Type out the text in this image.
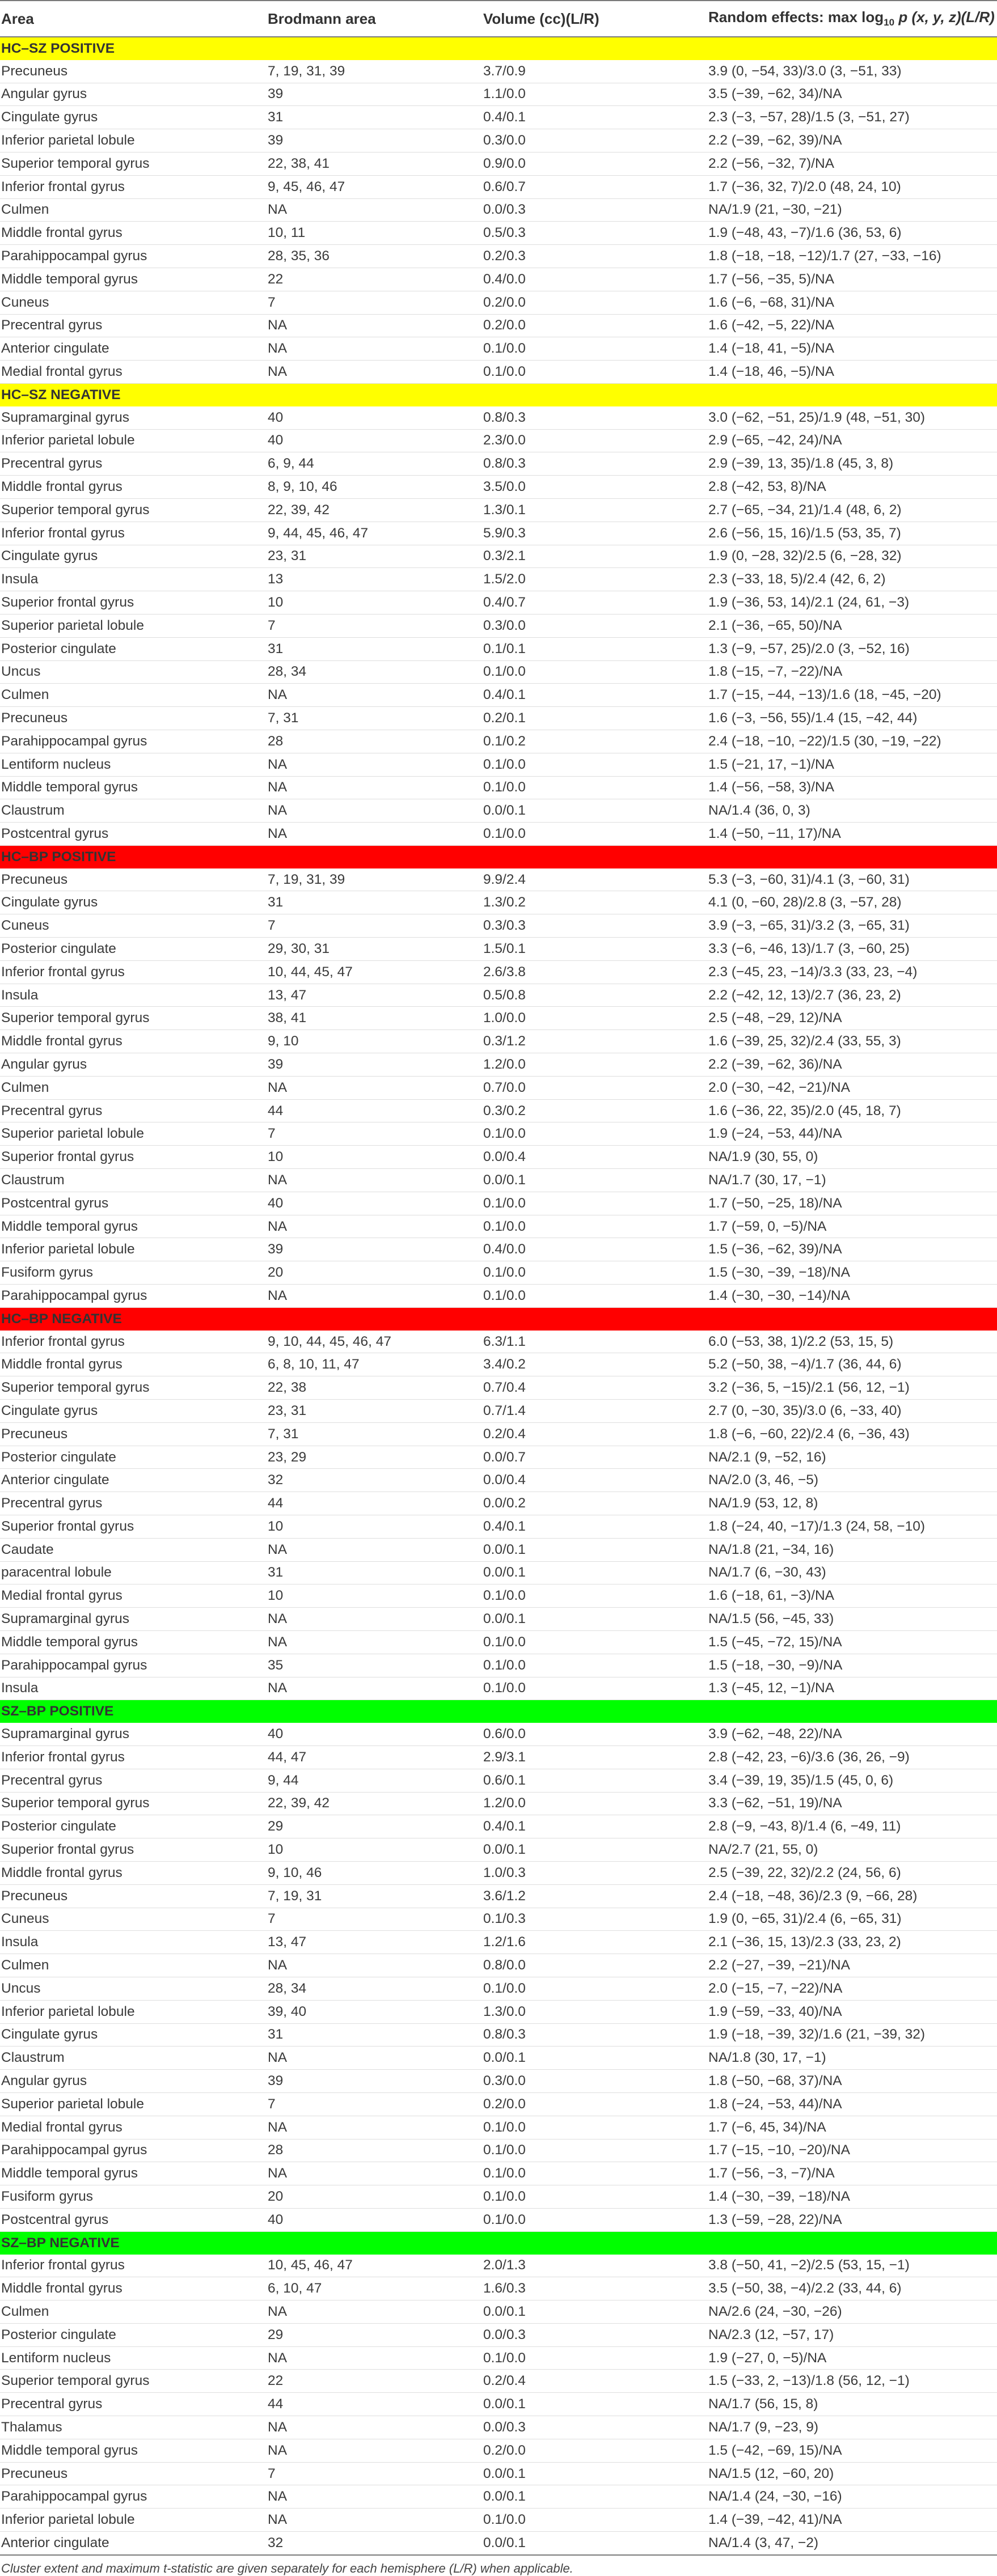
Area	Brodmann area	Volume (cc)(L/R)	Random effects: $\max \log_{10} p$ (x, y, z)(L/R)
HC–SZ POSITIVE			
Precuneus	7, 19, 31, 39	3.7/0.9	3.9 (0, −54, 33)/3.0 (3, −51, 33)
Angular gyrus	39	1.1/0.0	3.5 (−39, −62, 34)/NA
Cingulate gyrus	31	0.4/0.1	2.3 (−3, −57, 28)/1.5 (3, −51, 27)
Inferior parietal lobule	39	0.3/0.0	2.2 (−39, −62, 39)/NA
Superior temporal gyrus	22, 38, 41	0.9/0.0	2.2 (−56, −32, 7)/NA
Inferior frontal gyrus	9, 45, 46, 47	0.6/0.7	1.7 (−36, 32, 7)/2.0 (48, 24, 10)
Culmen	NA	0.0/0.3	NA/1.9 (21, −30, −21)
Middle frontal gyrus	10, 11	0.5/0.3	1.9 (−48, 43, −7)/1.6 (36, 53, 6)
Parahippocampal gyrus	28, 35, 36	0.2/0.3	1.8 (−18, −18, −12)/1.7 (27, −33, −16)
Middle temporal gyrus	22	0.4/0.0	1.7 (−56, −35, 5)/NA
Cuneus	7	0.2/0.0	1.6 (−6, −68, 31)/NA
Precentral gyrus	NA	0.2/0.0	1.6 (−42, −5, 22)/NA
Anterior cingulate	NA	0.1/0.0	1.4 (−18, 41, −5)/NA
Medial frontal gyrus	NA	0.1/0.0	1.4 (−18, 46, −5)/NA
HC–SZ NEGATIVE			
Supramarginal gyrus	40	0.8/0.3	3.0 (−62, −51, 25)/1.9 (48, −51, 30)
Inferior parietal lobule	40	2.3/0.0	2.9 (−65, −42, 24)/NA
Precentral gyrus	6, 9, 44	0.8/0.3	2.9 (−39, 13, 35)/1.8 (45, 3, 8)
Middle frontal gyrus	8, 9, 10, 46	3.5/0.0	2.8 (−42, 53, 8)/NA
Superior temporal gyrus	22, 39, 42	1.3/0.1	2.7 (−65, −34, 21)/1.4 (48, 6, 2)
Inferior frontal gyrus	9, 44, 45, 46, 47	5.9/0.3	2.6 (−56, 15, 16)/1.5 (53, 35, 7)
Cingulate gyrus	23, 31	0.3/2.1	1.9 (0, −28, 32)/2.5 (6, −28, 32)
Insula	13	1.5/2.0	2.3 (−33, 18, 5)/2.4 (42, 6, 2)
Superior frontal gyrus	10	0.4/0.7	1.9 (−36, 53, 14)/2.1 (24, 61, −3)
Superior parietal lobule	7	0.3/0.0	2.1 (−36, −65, 50)/NA
Posterior cingulate	31	0.1/0.1	1.3 (−9, −57, 25)/2.0 (3, −52, 16)
Uncus	28, 34	0.1/0.0	1.8 (−15, −7, −22)/NA
Culmen	NA	0.4/0.1	1.7 (−15, −44, −13)/1.6 (18, −45, −20)
Precuneus	7, 31	0.2/0.1	1.6 (−3, −56, 55)/1.4 (15, −42, 44)
Parahippocampal gyrus	28	0.1/0.2	2.4 (−18, −10, −22)/1.5 (30, −19, −22)
Lentiform nucleus	NA	0.1/0.0	1.5 (−21, 17, −1)/NA
Middle temporal gyrus	NA	0.1/0.0	1.4 (−56, −58, 3)/NA
Claustrum	NA	0.0/0.1	NA/1.4 (36, 0, 3)
Postcentral gyrus	NA	0.1/0.0	1.4 (−50, −11, 17)/NA
HC–BP POSITIVE			
Precuneus	7, 19, 31, 39	9.9/2.4	5.3 (−3, −60, 31)/4.1 (3, −60, 31)
Cingulate gyrus	31	1.3/0.2	4.1 (0, −60, 28)/2.8 (3, −57, 28)
Cuneus	7	0.3/0.3	3.9 (−3, −65, 31)/3.2 (3, −65, 31)
Posterior cingulate	29, 30, 31	1.5/0.1	3.3 (−6, −46, 13)/1.7 (3, −60, 25)
Inferior frontal gyrus	10, 44, 45, 47	2.6/3.8	2.3 (−45, 23, −14)/3.3 (33, 23, −4)
Insula	13, 47	0.5/0.8	2.2 (−42, 12, 13)/2.7 (36, 23, 2)
Superior temporal gyrus	38, 41	1.0/0.0	2.5 (−48, −29, 12)/NA
Middle frontal gyrus	9, 10	0.3/1.2	1.6 (−39, 25, 32)/2.4 (33, 55, 3)
Angular gyrus	39	1.2/0.0	2.2 (−39, −62, 36)/NA
Culmen	NA	0.7/0.0	2.0 (−30, −42, −21)/NA
Precentral gyrus	44	0.3/0.2	1.6 (−36, 22, 35)/2.0 (45, 18, 7)
Superior parietal lobule	7	0.1/0.0	1.9 (−24, −53, 44)/NA
Superior frontal gyrus	10	0.0/0.4	NA/1.9 (30, 55, 0)
Claustrum	NA	0.0/0.1	NA/1.7 (30, 17, −1)
Postcentral gyrus	40	0.1/0.0	1.7 (−50, −25, 18)/NA
Middle temporal gyrus	NA	0.1/0.0	1.7 (−59, 0, −5)/NA
Inferior parietal lobule	39	0.4/0.0	1.5 (−36, −62, 39)/NA
Fusiform gyrus	20	0.1/0.0	1.5 (−30, −39, −18)/NA
Parahippocampal gyrus	NA	0.1/0.0	1.4 (−30, −30, −14)/NA
HC–BP NEGATIVE			
Inferior frontal gyrus	9, 10, 44, 45, 46, 47	6.3/1.1	6.0 (−53, 38, 1)/2.2 (53, 15, 5)
Middle frontal gyrus	6, 8, 10, 11, 47	3.4/0.2	5.2 (−50, 38, −4)/1.7 (36, 44, 6)
Superior temporal gyrus	22, 38	0.7/0.4	3.2 (−36, 5, −15)/2.1 (56, 12, −1)
Cingulate gyrus	23, 31	0.7/1.4	2.7 (0, −30, 35)/3.0 (6, −33, 40)
Precuneus	7, 31	0.2/0.4	1.8 (−6, −60, 22)/2.4 (6, −36, 43)
Posterior cingulate	23, 29	0.0/0.7	NA/2.1 (9, −52, 16)
Anterior cingulate	32	0.0/0.4	NA/2.0 (3, 46, −5)
Precentral gyrus	44	0.0/0.2	NA/1.9 (53, 12, 8)
Superior frontal gyrus	10	0.4/0.1	1.8 (−24, 40, −17)/1.3 (24, 58, −10)
Caudate	NA	0.0/0.1	NA/1.8 (21, −34, 16)
paracentral lobule	31	0.0/0.1	NA/1.7 (6, −30, 43)
Medial frontal gyrus	10	0.1/0.0	1.6 (−18, 61, −3)/NA
Supramarginal gyrus	NA	0.0/0.1	NA/1.5 (56, −45, 33)
Middle temporal gyrus	NA	0.1/0.0	1.5 (−45, −72, 15)/NA
Parahippocampal gyrus	35	0.1/0.0	1.5 (−18, −30, −9)/NA
Insula	NA	0.1/0.0	1.3 (−45, 12, −1)/NA
SZ–BP POSITIVE			
Supramarginal gyrus	40	0.6/0.0	3.9 (−62, −48, 22)/NA
Inferior frontal gyrus	44, 47	2.9/3.1	2.8 (−42, 23, −6)/3.6 (36, 26, −9)
Precentral gyrus	9, 44	0.6/0.1	3.4 (−39, 19, 35)/1.5 (45, 0, 6)
Superior temporal gyrus	22, 39, 42	1.2/0.0	3.3 (−62, −51, 19)/NA
Posterior cingulate	29	0.4/0.1	2.8 (−9, −43, 8)/1.4 (6, −49, 11)
Superior frontal gyrus	10	0.0/0.1	NA/2.7 (21, 55, 0)
Middle frontal gyrus	9, 10, 46	1.0/0.3	2.5 (−39, 22, 32)/2.2 (24, 56, 6)
Precuneus	7, 19, 31	3.6/1.2	2.4 (−18, −48, 36)/2.3 (9, −66, 28)
Cuneus	7	0.1/0.3	1.9 (0, −65, 31)/2.4 (6, −65, 31)
Insula	13, 47	1.2/1.6	2.1 (−36, 15, 13)/2.3 (33, 23, 2)
Culmen	NA	0.8/0.0	2.2 (−27, −39, −21)/NA
Uncus	28, 34	0.1/0.0	2.0 (−15, −7, −22)/NA
Inferior parietal lobule	39, 40	1.3/0.0	1.9 (−59, −33, 40)/NA
Cingulate gyrus	31	0.8/0.3	1.9 (−18, −39, 32)/1.6 (21, −39, 32)
Claustrum	NA	0.0/0.1	NA/1.8 (30, 17, −1)
Angular gyrus	39	0.3/0.0	1.8 (−50, −68, 37)/NA
Superior parietal lobule	7	0.2/0.0	1.8 (−24, −53, 44)/NA
Medial frontal gyrus	NA	0.1/0.0	1.7 (−6, 45, 34)/NA
Parahippocampal gyrus	28	0.1/0.0	1.7 (−15, −10, −20)/NA
Middle temporal gyrus	NA	0.1/0.0	1.7 (−56, −3, −7)/NA
Fusiform gyrus	20	0.1/0.0	1.4 (−30, −39, −18)/NA
Postcentral gyrus	40	0.1/0.0	1.3 (−59, −28, 22)/NA
SZ–BP NEGATIVE			
Inferior frontal gyrus	10, 45, 46, 47	2.0/1.3	3.8 (−50, 41, −2)/2.5 (53, 15, −1)
Middle frontal gyrus	6, 10, 47	1.6/0.3	3.5 (−50, 38, −4)/2.2 (33, 44, 6)
Culmen	NA	0.0/0.1	NA/2.6 (24, −30, −26)
Posterior cingulate	29	0.0/0.3	NA/2.3 (12, −57, 17)
Lentiform nucleus	NA	0.1/0.0	1.9 (−27, 0, −5)/NA
Superior temporal gyrus	22	0.2/0.4	1.5 (−33, 2, −13)/1.8 (56, 12, −1)
Precentral gyrus	44	0.0/0.1	NA/1.7 (56, 15, 8)
Thalamus	NA	0.0/0.3	NA/1.7 (9, −23, 9)
Middle temporal gyrus	NA	0.2/0.0	1.5 (−42, −69, 15)/NA
Precuneus	7	0.0/0.1	NA/1.5 (12, −60, 20)
Parahippocampal gyrus	NA	0.0/0.1	NA/1.4 (24, −30, −16)
Inferior parietal lobule	NA	0.1/0.0	1.4 (−39, −42, 41)/NA
Anterior cingulate	32	0.0/0.1	NA/1.4 (3, 47, −2)
Cluster extent and maximum t-statistic are given separately for each hemisphere (L/R) when applicable.
